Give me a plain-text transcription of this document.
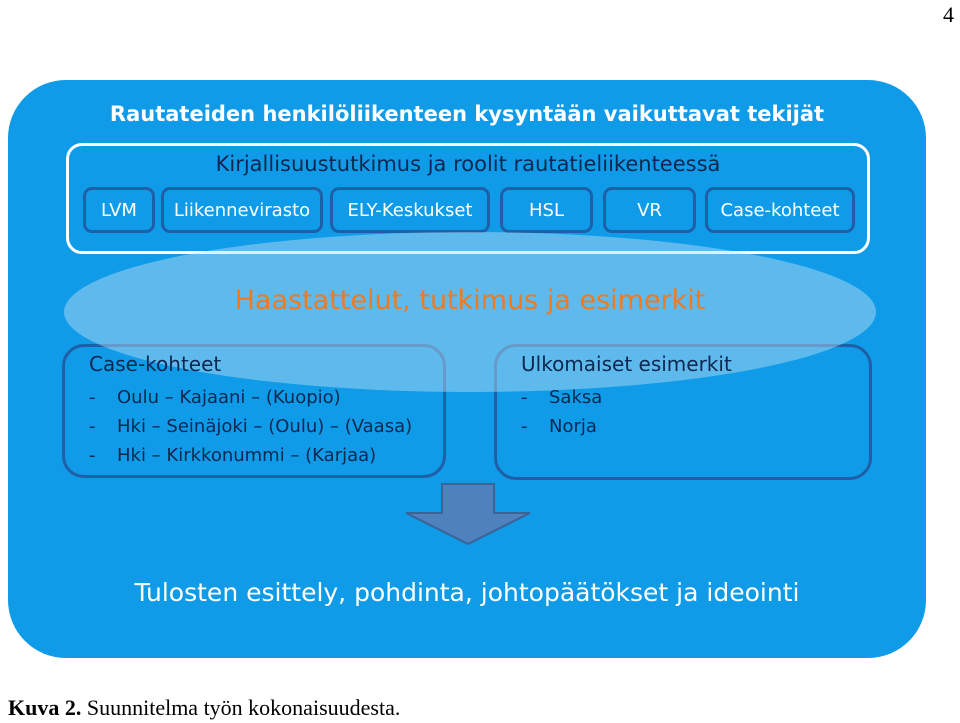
4
Rautateiden henkilöliikenteen kysyntään vaikuttavat tekijät
Kirjallisuustutkimus ja roolit rautatieliikenteessä
LVM Liikennevirasto ELY-Keskukset	HSL	VR	Case-kohteet
Haastattelut, tutkimus ja esimerkit
Case-kohteet
- Oulu – Kajaani – (Kuopio)
- Hki – Seinäjoki – (Oulu) – (Vaasa)
- Hki – Kirkkonummi – (Karjaa)
Ulkomaiset esimerkit
- Saksa
- Norja
Tulosten esittely, pohdinta, johtopäätökset ja ideointi
Kuva 2. Suunnitelma työn kokonaisuudesta.
